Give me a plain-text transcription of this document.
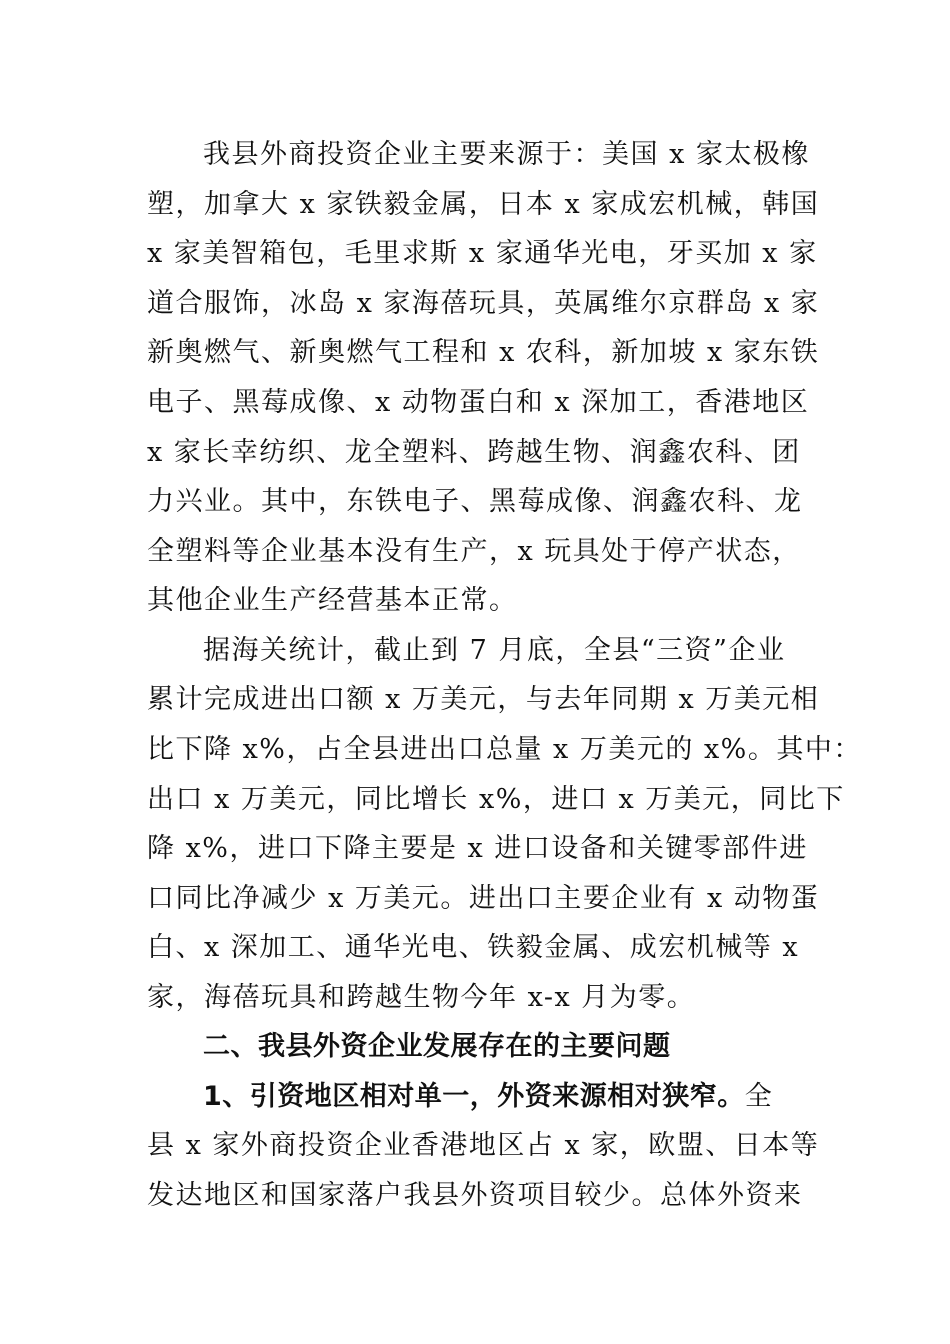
我县外商投资企业主要来源于：美国 x 家太极橡
塑，加拿大 x 家铁毅金属，日本 x 家成宏机械，韩国
x 家美智箱包，毛里求斯 x 家通华光电，牙买加 x 家
道合服饰，冰岛 x 家海蓓玩具，英属维尔京群岛 x 家
新奥燃气、新奥燃气工程和 x 农科，新加坡 x 家东铁
电子、黑莓成像、x 动物蛋白和 x 深加工，香港地区
x 家长幸纺织、龙全塑料、跨越生物、润鑫农科、团
力兴业。其中，东铁电子、黑莓成像、润鑫农科、龙
全塑料等企业基本没有生产，x 玩具处于停产状态，
其他企业生产经营基本正常。
据海关统计，截止到 7 月底，全县“三资”企业
累计完成进出口额 x 万美元，与去年同期 x 万美元相
比下降 x%，占全县进出口总量 x 万美元的 x%。其中：
出口 x 万美元，同比增长 x%，进口 x 万美元，同比下
降 x%，进口下降主要是 x 进口设备和关键零部件进
口同比净减少 x 万美元。进出口主要企业有 x 动物蛋
白、x 深加工、通华光电、铁毅金属、成宏机械等 x
家，海蓓玩具和跨越生物今年 x-x 月为零。
二、我县外资企业发展存在的主要问题
1、引资地区相对单一，外资来源相对狭窄。全
县 x 家外商投资企业香港地区占 x 家，欧盟、日本等
发达地区和国家落户我县外资项目较少。总体外资来
